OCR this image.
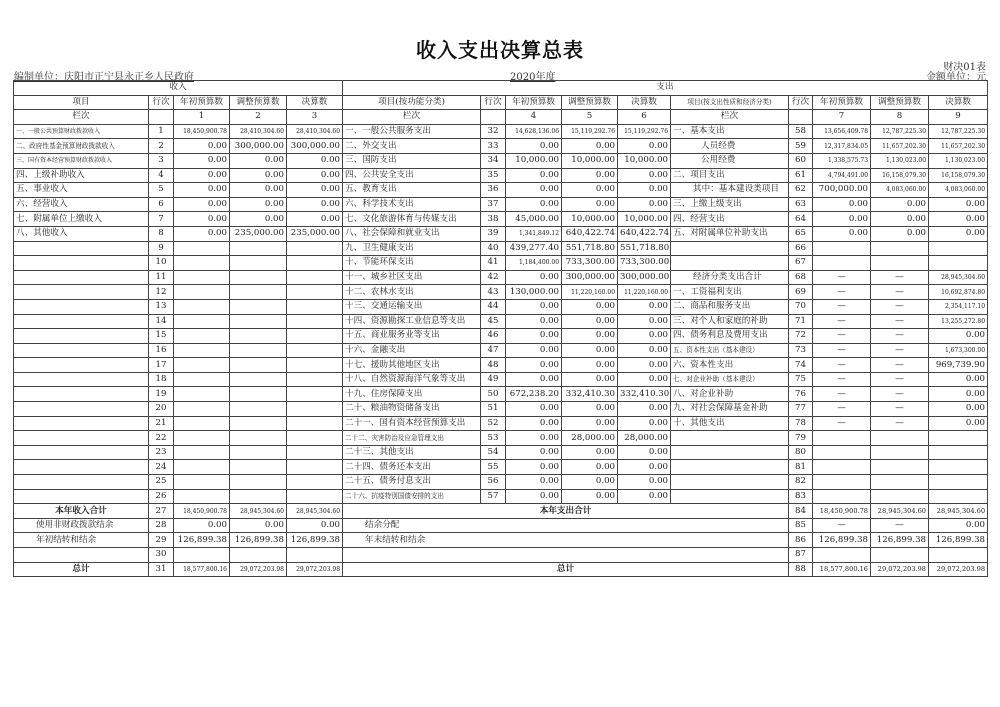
收入支出决算总表
财决01表
金额单位：元
编制单位：庆阳市正宁县永正乡人民政府	2020年度
收入					支出									
项目	行次	年初预算数	调整预算数	决算数	项目(按功能分类)	行次	年初预算数	调整预算数	决算数	项目(按支出性质和经济分类)	行次	年初预算数	调整预算数	决算数
栏次		1	2	3	栏次		4	5	6	栏次		7	8	9
一、一般公共预算财政拨款收入	1	18,450,900.78	28,410,304.60	28,410,304.60	一、一般公共服务支出	32	14,628,136.06	15,119,292.76	15,119,292.76	一、基本支出	58	13,656,409.78	12,787,225.30	12,787,225.30
二、政府性基金预算财政拨款收入	2	0.00	300,000.00	300,000.00	二、外交支出	33	0.00	0.00	0.00	人员经费	59	12,317,834.05	11,657,202.30	11,657,202.30
三、国有资本经营预算财政拨款收入	3	0.00	0.00	0.00	三、国防支出	34	10,000.00	10,000.00	10,000.00	公用经费	60	1,338,575.73	1,130,023.00	1,130,023.00
四、上级补助收入	4	0.00	0.00	0.00	四、公共安全支出	35	0.00	0.00	0.00	二、项目支出	61	4,794,491.00	16,158,079.30	16,158,079.30
五、事业收入	5	0.00	0.00	0.00	五、教育支出	36	0.00	0.00	0.00	其中：基本建设类项目	62	700,000.00	4,083,060.00	4,083,060.00
六、经营收入	6	0.00	0.00	0.00	六、科学技术支出	37	0.00	0.00	0.00	三、上缴上级支出	63	0.00	0.00	0.00
七、附属单位上缴收入	7	0.00	0.00	0.00	七、文化旅游体育与传媒支出	38	45,000.00	10,000.00	10,000.00	四、经营支出	64	0.00	0.00	0.00
八、其他收入	8	0.00	235,000.00	235,000.00	八、社会保障和就业支出	39	1,341,849.12	640,422.74	640,422.74	五、对附属单位补助支出	65	0.00	0.00	0.00
	9				九、卫生健康支出	40	439,277.40	551,718.80	551,718.80		66			
	10				十、节能环保支出	41	1,184,400.00	733,300.00	733,300.00		67			
	11				十一、城乡社区支出	42	0.00	300,000.00	300,000.00	经济分类支出合计	68	—	—	28,945,304.60
	12				十二、农林水支出	43	130,000.00	11,220,160.00	11,220,160.00	一、工资福利支出	69	—	—	10,692,874.80
	13				十三、交通运输支出	44	0.00	0.00	0.00	二、商品和服务支出	70	—	—	2,354,117.10
	14				十四、资源勘探工业信息等支出	45	0.00	0.00	0.00	三、对个人和家庭的补助	71	—	—	13,255,272.80
	15				十五、商业服务业等支出	46	0.00	0.00	0.00	四、债务利息及费用支出	72	—	—	0.00
	16				十六、金融支出	47	0.00	0.00	0.00	五、资本性支出（基本建设）	73	—	—	1,673,300.00
	17				十七、援助其他地区支出	48	0.00	0.00	0.00	六、资本性支出	74	—	—	969,739.90
	18				十八、自然资源海洋气象等支出	49	0.00	0.00	0.00	七、对企业补助（基本建设）	75	—	—	0.00
	19				十九、住房保障支出	50	672,238.20	332,410.30	332,410.30	八、对企业补助	76	—	—	0.00
	20				二十、粮油物资储备支出	51	0.00	0.00	0.00	九、对社会保障基金补助	77	—	—	0.00
	21				二十一、国有资本经营预算支出	52	0.00	0.00	0.00	十、其他支出	78	—	—	0.00
	22				二十二、灾害防治及应急管理支出	53	0.00	28,000.00	28,000.00		79			
	23				二十三、其他支出	54	0.00	0.00	0.00		80			
	24				二十四、债务还本支出	55	0.00	0.00	0.00		81			
	25				二十五、债务付息支出	56	0.00	0.00	0.00		82			
	26				二十六、抗疫特别国债安排的支出	57	0.00	0.00	0.00		83			
本年收入合计	27	18,450,900.78	28,945,304.60	28,945,304.60	本年支出合计						84	18,450,900.78	28,945,304.60	28,945,304.60
使用非财政拨款结余	28	0.00	0.00	0.00	结余分配						85	—	—	0.00
年初结转和结余	29	126,899.38	126,899.38	126,899.38	年末结转和结余						86	126,899.38	126,899.38	126,899.38
	30										87			
总计	31	18,577,800.16	29,072,203.98	29,072,203.98	总计						88	18,577,800.16	29,072,203.98	29,072,203.98
